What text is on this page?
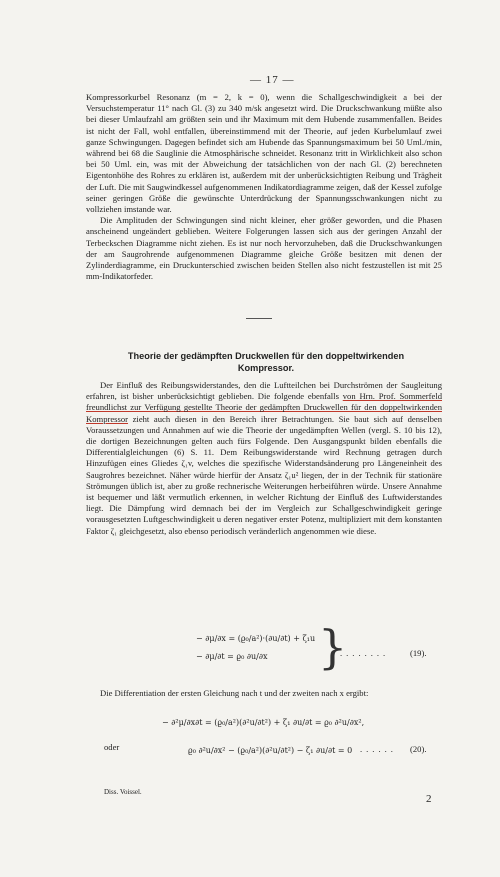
— 17 —

Kompressorkurbel Resonanz (m = 2, k = 0), wenn die Schallgeschwindigkeit a bei der Versuchstemperatur 11° nach Gl. (3) zu 340 m/sk angesetzt wird. Die Druckschwankung müßte also bei dieser Umlaufzahl am größten sein und ihr Maximum mit dem Hubende zusammenfallen. Beides ist nicht der Fall, wohl entfallen, übereinstimmend mit der Theorie, auf jeden Kurbelumlauf zwei ganze Schwingungen. Dagegen befindet sich am Hubende das Spannungsmaximum bei 50 Uml./min, während bei 68 die Sauglinie die Atmosphärische schneidet. Resonanz tritt in Wirklichkeit also schon bei 50 Uml. ein, was mit der Abweichung der tatsächlichen von der nach Gl. (2) berechneten Eigentonhöhe des Rohres zu erklären ist, außerdem mit der unberücksichtigten Reibung und Trägheit der Luft. Die mit Saugwindkessel aufgenommenen Indikatordiagramme zeigen, daß der Kessel zufolge seiner geringen Größe die gewünschte Unterdrückung der Spannungsschwankungen nicht zu vollziehen imstande war.

Die Amplituden der Schwingungen sind nicht kleiner, eher größer geworden, und die Phasen anscheinend ungeändert geblieben. Weitere Folgerungen lassen sich aus der geringen Anzahl der Terbeckschen Diagramme nicht ziehen. Es ist nur noch hervorzuheben, daß die Druckschwankungen der am Saugrohrende aufgenommenen Diagramme gleiche Größe besitzen mit denen der Zylinderdiagramme, ein Druckunterschied zwischen beiden Stellen also nicht festzustellen ist mit 25 mm-Indikatorfeder.

Theorie der gedämpften Druckwellen für den doppeltwirkenden
Kompressor.

Der Einfluß des Reibungswiderstandes, den die Luftteilchen bei Durchströmen der Saugleitung erfahren, ist bisher unberücksichtigt geblieben. Die folgende ebenfalls von Hrn. Prof. Sommerfeld freundlichst zur Verfügung gestellte Theorie der gedämpften Druckwellen für den doppeltwirkenden Kompressor zieht auch diesen in den Bereich ihrer Betrachtungen. Sie baut sich auf denselben Voraussetzungen und Annahmen auf wie die Theorie der ungedämpften Wellen (vergl. S. 10 bis 12), die dortigen Bezeichnungen gelten auch fürs Folgende. Den Ausgangspunkt bilden ebenfalls die Differentialgleichungen (6) S. 11. Dem Reibungswiderstande wird Rechnung getragen durch Hinzufügen eines Gliedes ζ₁v, welches die spezifische Widerstandsänderung pro Längeneinheit des Saugrohres bezeichnet. Näher würde hierfür der Ansatz ζ₁u² liegen, der in der Technik für stationäre Strömungen üblich ist, aber zu große rechnerische Weiterungen herbeiführen würde. Unsere Annahme ist bequemer und läßt vermutlich erkennen, in welcher Richtung der Einfluß des Luftwiderstandes liegt. Die Dämpfung wird demnach bei der im Vergleich zur Schallgeschwindigkeit geringe vorausgesetzten Luftgeschwindigkeit u deren negativer erster Potenz, multipliziert mit dem konstanten Faktor ζ₁ gleichgesetzt, also ebenso periodisch veränderlich angenommen wie diese.

− ∂μ/∂x = (ϱ₀/a²)·(∂u/∂t) + ζ₁u
− ∂μ/∂t = ϱ₀ ∂u/∂x }
........ (19).

Die Differentiation der ersten Gleichung nach t und der zweiten nach x ergibt:

− ∂²μ/∂x∂t = (ϱ₀/a²)(∂²u/∂t²) + ζ₁ ∂u/∂t = ϱ₀ ∂²u/∂x²,
oder	ϱ₀ ∂²u/∂x² − (ϱ₀/a²)(∂²u/∂t²) − ζ₁ ∂u/∂t = 0 ...... (20).
Diss. Voissel.
2
